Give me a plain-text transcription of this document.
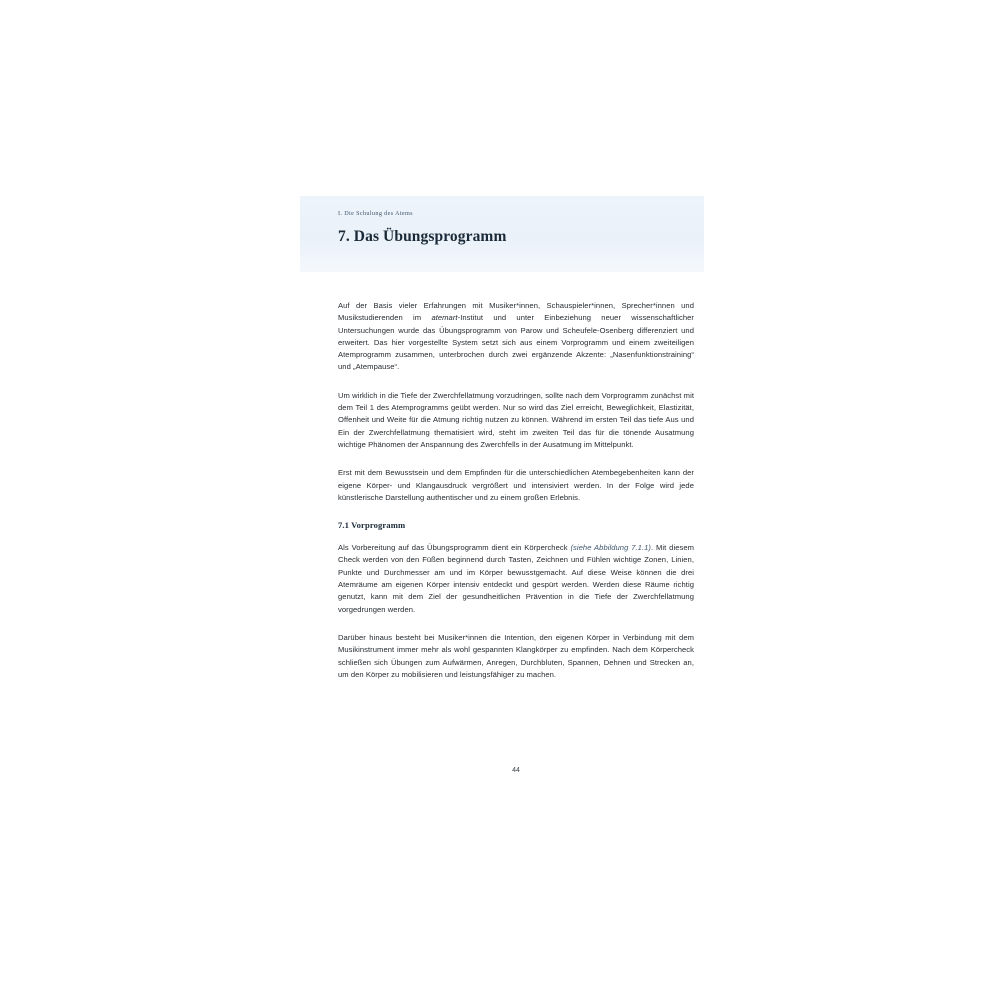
I. Die Schulung des Atems
7. Das Übungsprogramm

Auf der Basis vieler Erfahrungen mit Musiker*innen, Schauspieler*innen, Sprecher*innen und Musikstudierenden im atemart-Institut und unter Einbeziehung neuer wissenschaftlicher Untersuchungen wurde das Übungsprogramm von Parow und Scheufele-Osenberg differenziert und erweitert. Das hier vorgestellte System setzt sich aus einem Vorprogramm und einem zweiteiligen Atemprogramm zusammen, unterbrochen durch zwei ergänzende Akzente: „Nasenfunktionstraining“ und „Atempause“.

Um wirklich in die Tiefe der Zwerchfellatmung vorzudringen, sollte nach dem Vorprogramm zunächst mit dem Teil 1 des Atemprogramms geübt werden. Nur so wird das Ziel erreicht, Beweglichkeit, Elastizität, Offenheit und Weite für die Atmung richtig nutzen zu können. Während im ersten Teil das tiefe Aus und Ein der Zwerchfellatmung thematisiert wird, steht im zweiten Teil das für die tönende Ausatmung wichtige Phänomen der Anspannung des Zwerchfells in der Ausatmung im Mittelpunkt.

Erst mit dem Bewusstsein und dem Empfinden für die unterschiedlichen Atembegebenheiten kann der eigene Körper- und Klangausdruck vergrößert und intensiviert werden. In der Folge wird jede künstlerische Darstellung authentischer und zu einem großen Erlebnis.

7.1 Vorprogramm

Als Vorbereitung auf das Übungsprogramm dient ein Körpercheck (siehe Abbildung 7.1.1). Mit diesem Check werden von den Füßen beginnend durch Tasten, Zeichnen und Fühlen wichtige Zonen, Linien, Punkte und Durchmesser am und im Körper bewusstgemacht. Auf diese Weise können die drei Atemräume am eigenen Körper intensiv entdeckt und gespürt werden. Werden diese Räume richtig genutzt, kann mit dem Ziel der gesundheitlichen Prävention in die Tiefe der Zwerchfellatmung vorgedrungen werden.

Darüber hinaus besteht bei Musiker*innen die Intention, den eigenen Körper in Verbindung mit dem Musikinstrument immer mehr als wohl gespannten Klangkörper zu empfinden. Nach dem Körpercheck schließen sich Übungen zum Aufwärmen, Anregen, Durchbluten, Spannen, Dehnen und Strecken an, um den Körper zu mobilisieren und leistungsfähiger zu machen.

44
